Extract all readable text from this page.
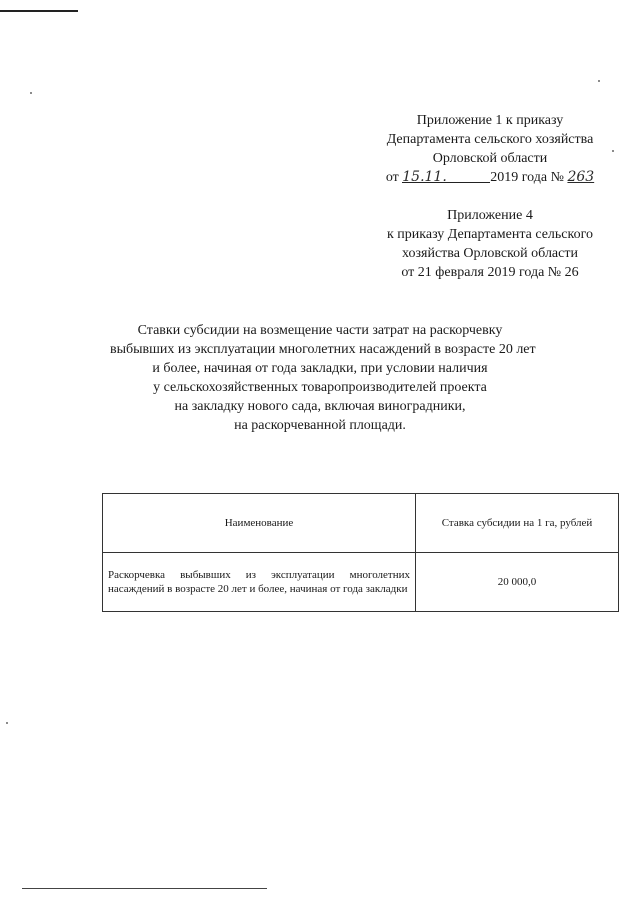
Приложение 1 к приказу
Департамента сельского хозяйства
Орловской области
от 15.11.	2019 года № 263
Приложение 4
к приказу Департамента сельского
хозяйства Орловской области
от 21 февраля 2019 года № 26
Ставки субсидии на возмещение части затрат на раскорчевку
выбывших из эксплуатации многолетних насаждений в возрасте 20 лет
и более, начиная от года закладки, при условии наличия
у сельскохозяйственных товаропроизводителей проекта
на закладку нового сада, включая виноградники,
на раскорчеванной площади.
Наименование	Ставка субсидии на 1 га, рублей
Раскорчевка выбывших из эксплуатации многолетних насаждений в возрасте 20 лет и более, начиная от года закладки	20 000,0
